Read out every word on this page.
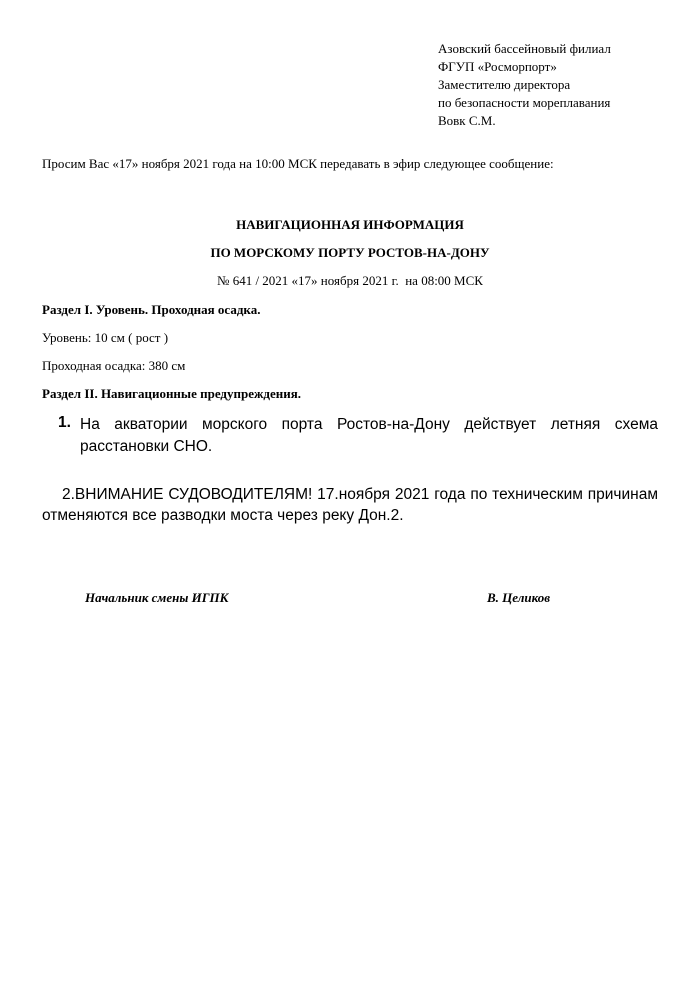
Азовский бассейновый филиал
ФГУП «Росморпорт»
Заместителю директора
по безопасности мореплавания
Вовк С.М.
Просим Вас «17» ноября 2021 года на 10:00 МСК передавать в эфир следующее сообщение:
НАВИГАЦИОННАЯ ИНФОРМАЦИЯ
ПО МОРСКОМУ ПОРТУ РОСТОВ-НА-ДОНУ
№ 641 / 2021 «17» ноября 2021 г.  на 08:00 МСК
Раздел I. Уровень. Проходная осадка.
Уровень: 10 см ( рост )
Проходная осадка: 380 см
Раздел II. Навигационные предупреждения.
1. На акватории морского порта Ростов-на-Дону действует летняя схема расстановки СНО.
2.ВНИМАНИЕ СУДОВОДИТЕЛЯМ! 17.ноября 2021 года по техническим причинам отменяются все разводки моста через реку Дон.2.
Начальник смены ИГПК	В. Целиков
